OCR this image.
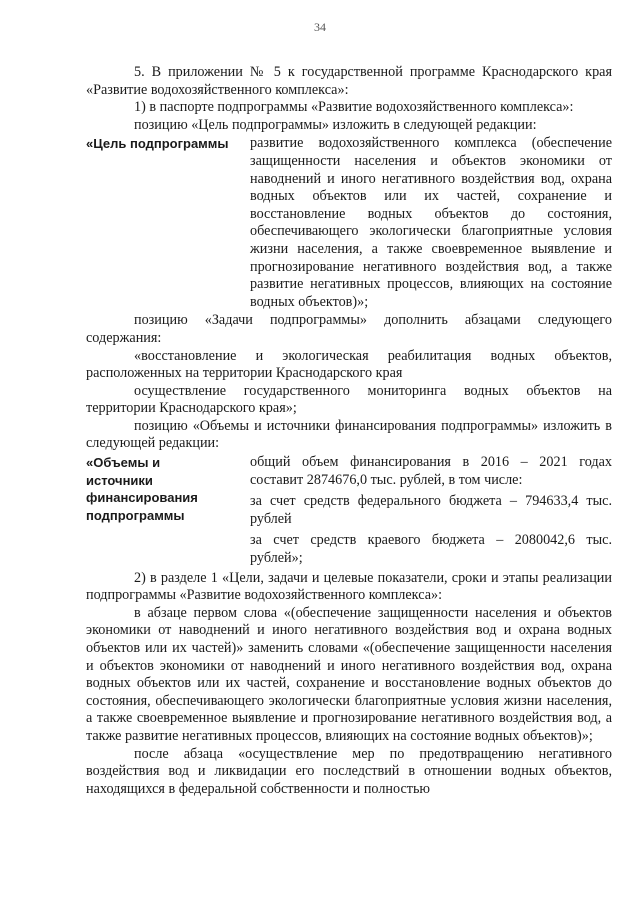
34

5. В приложении № 5 к государственной программе Краснодарского края «Развитие водохозяйственного комплекса»:

1) в паспорте подпрограммы «Развитие водохозяйственного комплекса»:

позицию «Цель подпрограммы» изложить в следующей редакции:

«Цель подпрограммы	развитие водохозяйственного комплекса (обеспечение защищенности населения и объектов экономики от наводнений и иного негативного воздействия вод, охрана водных объектов или их частей, сохранение и восстановление водных объектов до состояния, обеспечивающего экологически благоприятные условия жизни населения, а также своевременное выявление и прогнозирование негативного воздействия вод, а также развитие негативных процессов, влияющих на состояние водных объектов)»;

позицию «Задачи подпрограммы» дополнить абзацами следующего содержания:

«восстановление и экологическая реабилитация водных объектов, расположенных на территории Краснодарского края

осуществление государственного мониторинга водных объектов на территории Краснодарского края»;

позицию «Объемы и источники финансирования подпрограммы» изложить в следующей редакции:

«Объемы и
источники
финансирования
подпрограммы

общий объем финансирования в 2016 – 2021 годах составит 2874676,0 тыс. рублей, в том числе:

за счет средств федерального бюджета – 794633,4 тыс. рублей

за счет средств краевого бюджета – 2080042,6 тыс. рублей»;

2) в разделе 1 «Цели, задачи и целевые показатели, сроки и этапы реализации подпрограммы «Развитие водохозяйственного комплекса»:

в абзаце первом слова «(обеспечение защищенности населения и объектов экономики от наводнений и иного негативного воздействия вод и охрана водных объектов или их частей)» заменить словами «(обеспечение защищенности населения и объектов экономики от наводнений и иного негативного воздействия вод, охрана водных объектов или их частей, сохранение и восстановление водных объектов до состояния, обеспечивающего экологически благоприятные условия жизни населения, а также своевременное выявление и прогнозирование негативного воздействия вод, а также развитие негативных процессов, влияющих на состояние водных объектов)»;

после абзаца «осуществление мер по предотвращению негативного воздействия вод и ликвидации его последствий в отношении водных объектов, находящихся в федеральной собственности и полностью
